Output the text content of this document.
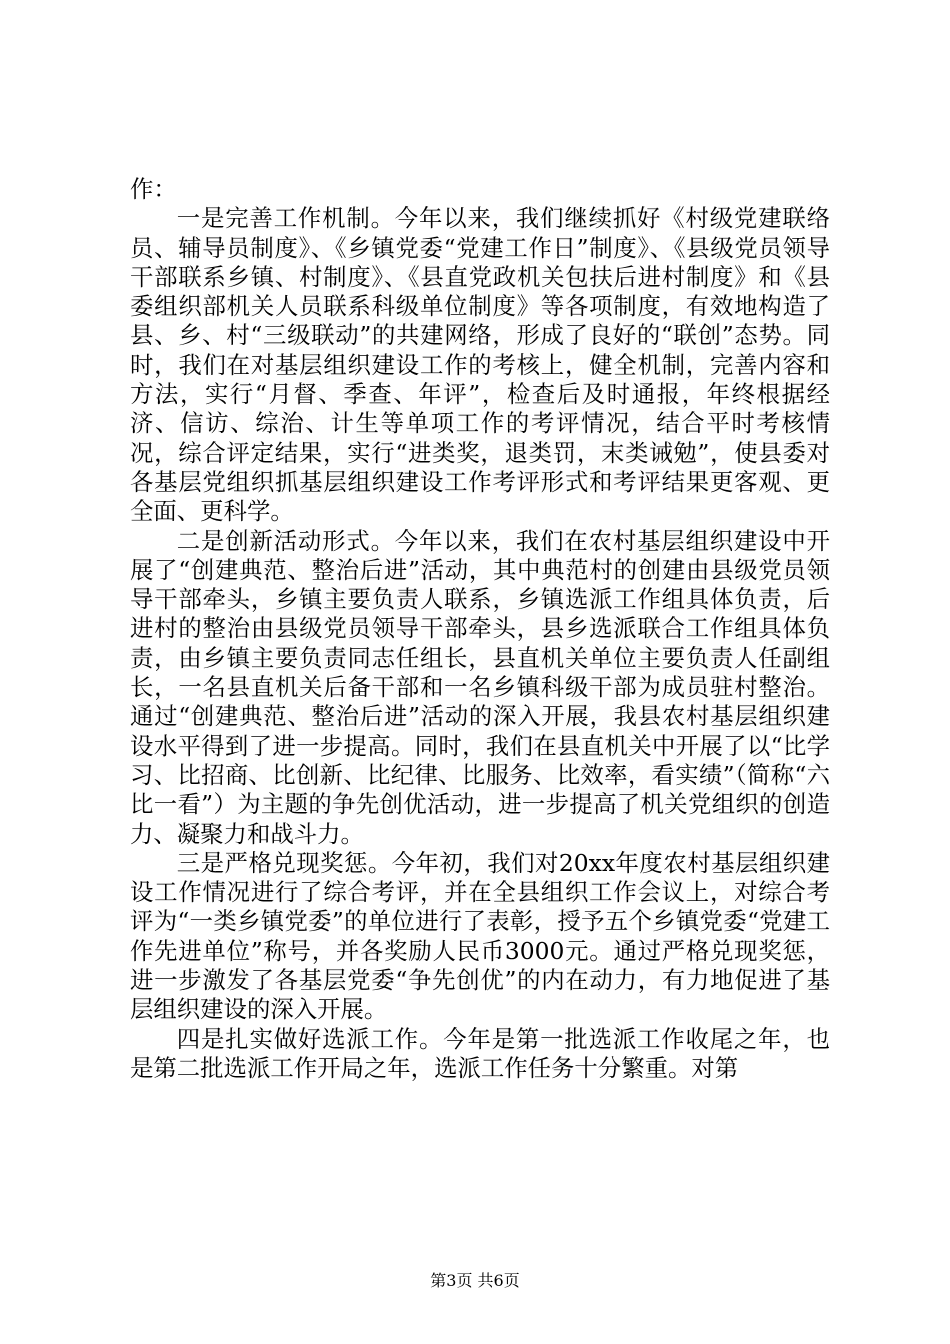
作：

一是完善工作机制。今年以来，我们继续抓好《村级党建联络员、辅导员制度》、《乡镇党委“党建工作日”制度》、《县级党员领导干部联系乡镇、村制度》、《县直党政机关包扶后进村制度》和《县委组织部机关人员联系科级单位制度》等各项制度，有效地构造了县、乡、村“三级联动”的共建网络，形成了良好的“联创”态势。同时，我们在对基层组织建设工作的考核上，健全机制，完善内容和方法，实行“月督、季查、年评”，检查后及时通报，年终根据经济、信访、综治、计生等单项工作的考评情况，结合平时考核情况，综合评定结果，实行“进类奖，退类罚，末类诫勉”，使县委对各基层党组织抓基层组织建设工作考评形式和考评结果更客观、更全面、更科学。

二是创新活动形式。今年以来，我们在农村基层组织建设中开展了“创建典范、整治后进”活动，其中典范村的创建由县级党员领导干部牵头，乡镇主要负责人联系，乡镇选派工作组具体负责，后进村的整治由县级党员领导干部牵头，县乡选派联合工作组具体负责，由乡镇主要负责同志任组长，县直机关单位主要负责人任副组长，一名县直机关后备干部和一名乡镇科级干部为成员驻村整治。通过“创建典范、整治后进”活动的深入开展，我县农村基层组织建设水平得到了进一步提高。同时，我们在县直机关中开展了以“比学习、比招商、比创新、比纪律、比服务、比效率，看实绩”（简称“六比一看”）为主题的争先创优活动，进一步提高了机关党组织的创造力、凝聚力和战斗力。

三是严格兑现奖惩。今年初，我们对20xx年度农村基层组织建设工作情况进行了综合考评，并在全县组织工作会议上，对综合考评为“一类乡镇党委”的单位进行了表彰，授予五个乡镇党委“党建工作先进单位”称号，并各奖励人民币3000元。通过严格兑现奖惩，进一步激发了各基层党委“争先创优”的内在动力，有力地促进了基层组织建设的深入开展。

四是扎实做好选派工作。今年是第一批选派工作收尾之年，也是第二批选派工作开局之年，选派工作任务十分繁重。对第

第3页 共6页
